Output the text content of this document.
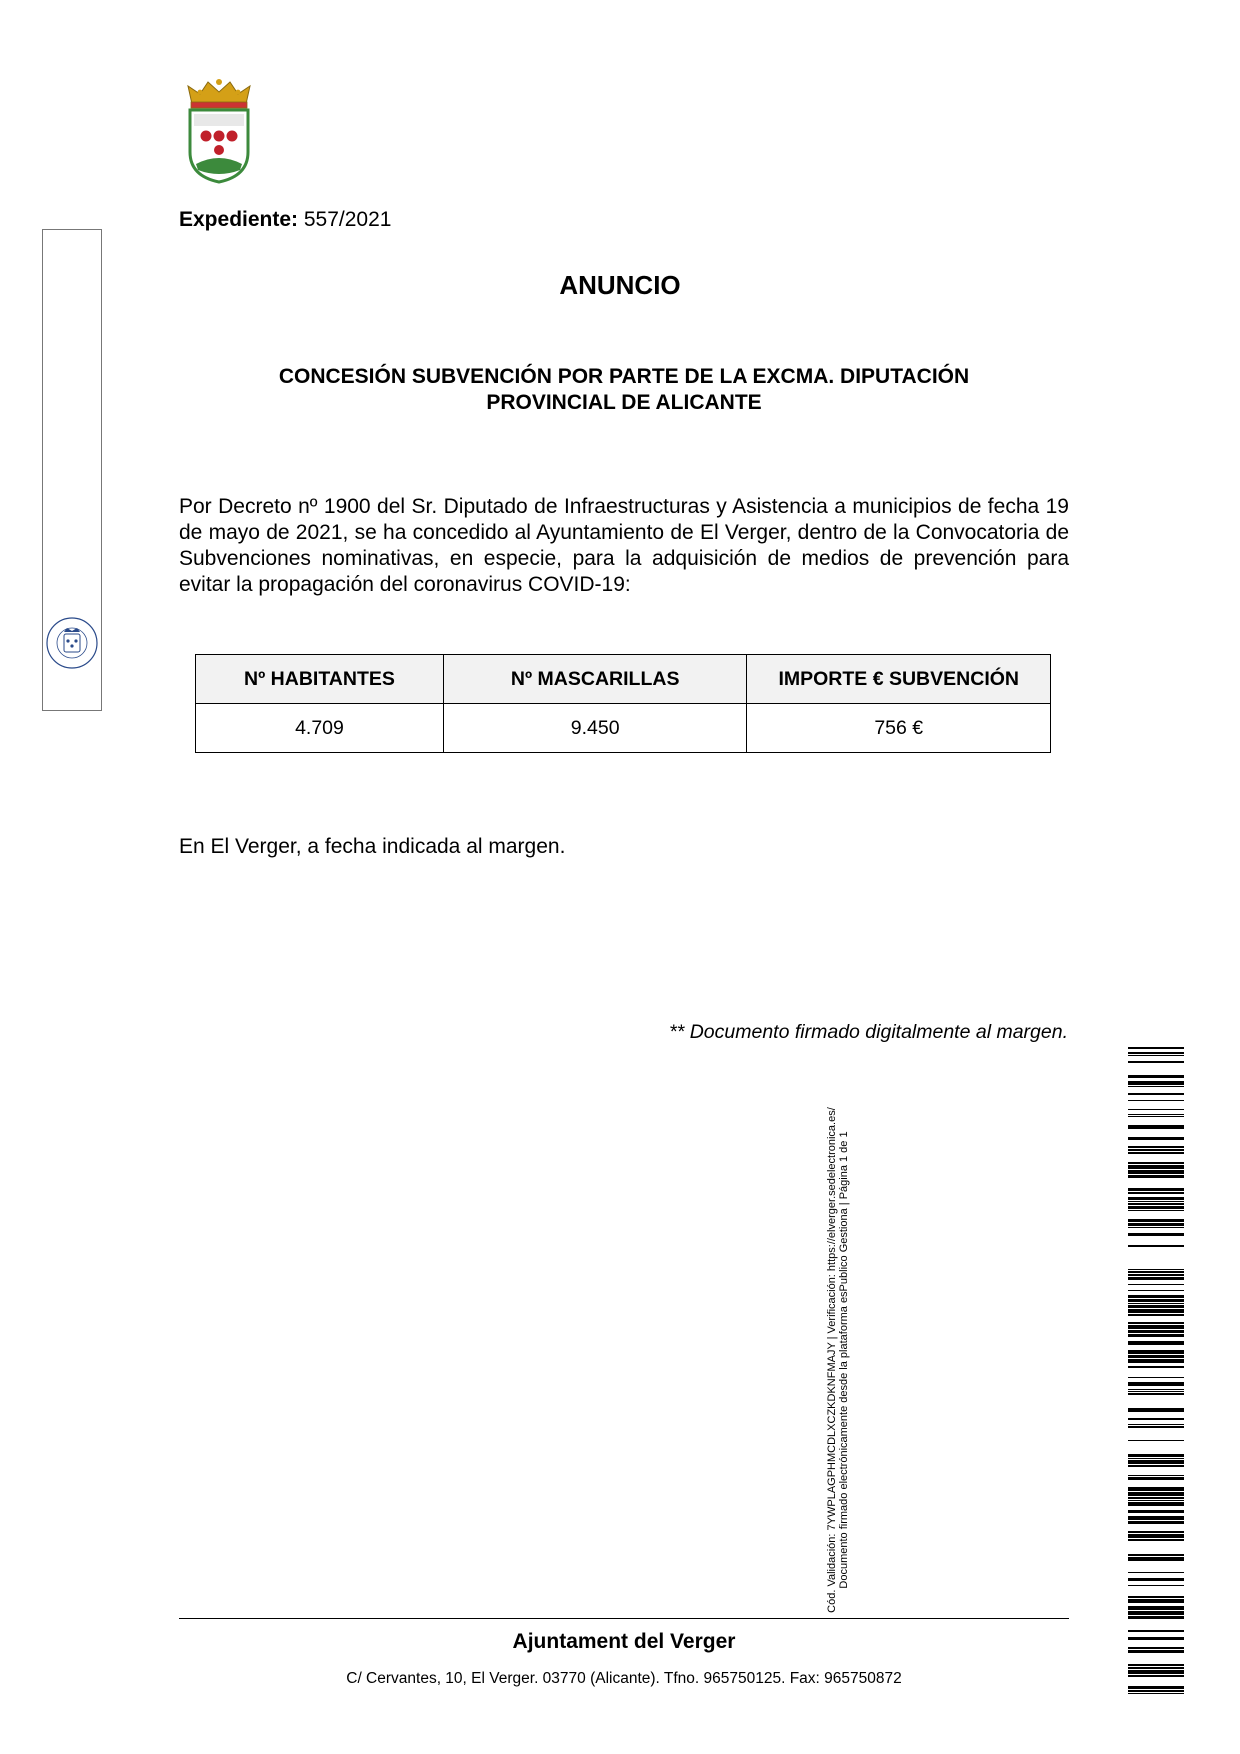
Expediente: 557/2021
ANUNCIO
CONCESIÓN SUBVENCIÓN POR PARTE DE LA EXCMA. DIPUTACIÓN
PROVINCIAL DE ALICANTE
Por Decreto nº 1900 del Sr. Diputado de Infraestructuras y Asistencia a municipios de fecha 19 de mayo de 2021, se ha concedido al Ayuntamiento de El Verger, dentro de la Convocatoria de Subvenciones nominativas, en especie, para la adquisición de medios de prevención para evitar la propagación del coronavirus COVID-19:
Nº HABITANTES	Nº MASCARILLAS	IMPORTE € SUBVENCIÓN
4.709	9.450	756 €
En El Verger, a fecha indicada al margen.
** Documento firmado digitalmente al margen.
Ajuntament del Verger
C/ Cervantes, 10, El Verger. 03770 (Alicante). Tfno. 965750125. Fax: 965750872
Cód. Validación: 7YWPLAGPHMCDLXCZKDKNFMAJY | Verificación: https://elverger.sedelectronica.es/ Documento firmado electrónicamente desde la plataforma esPublico Gestiona | Página 1 de 1
